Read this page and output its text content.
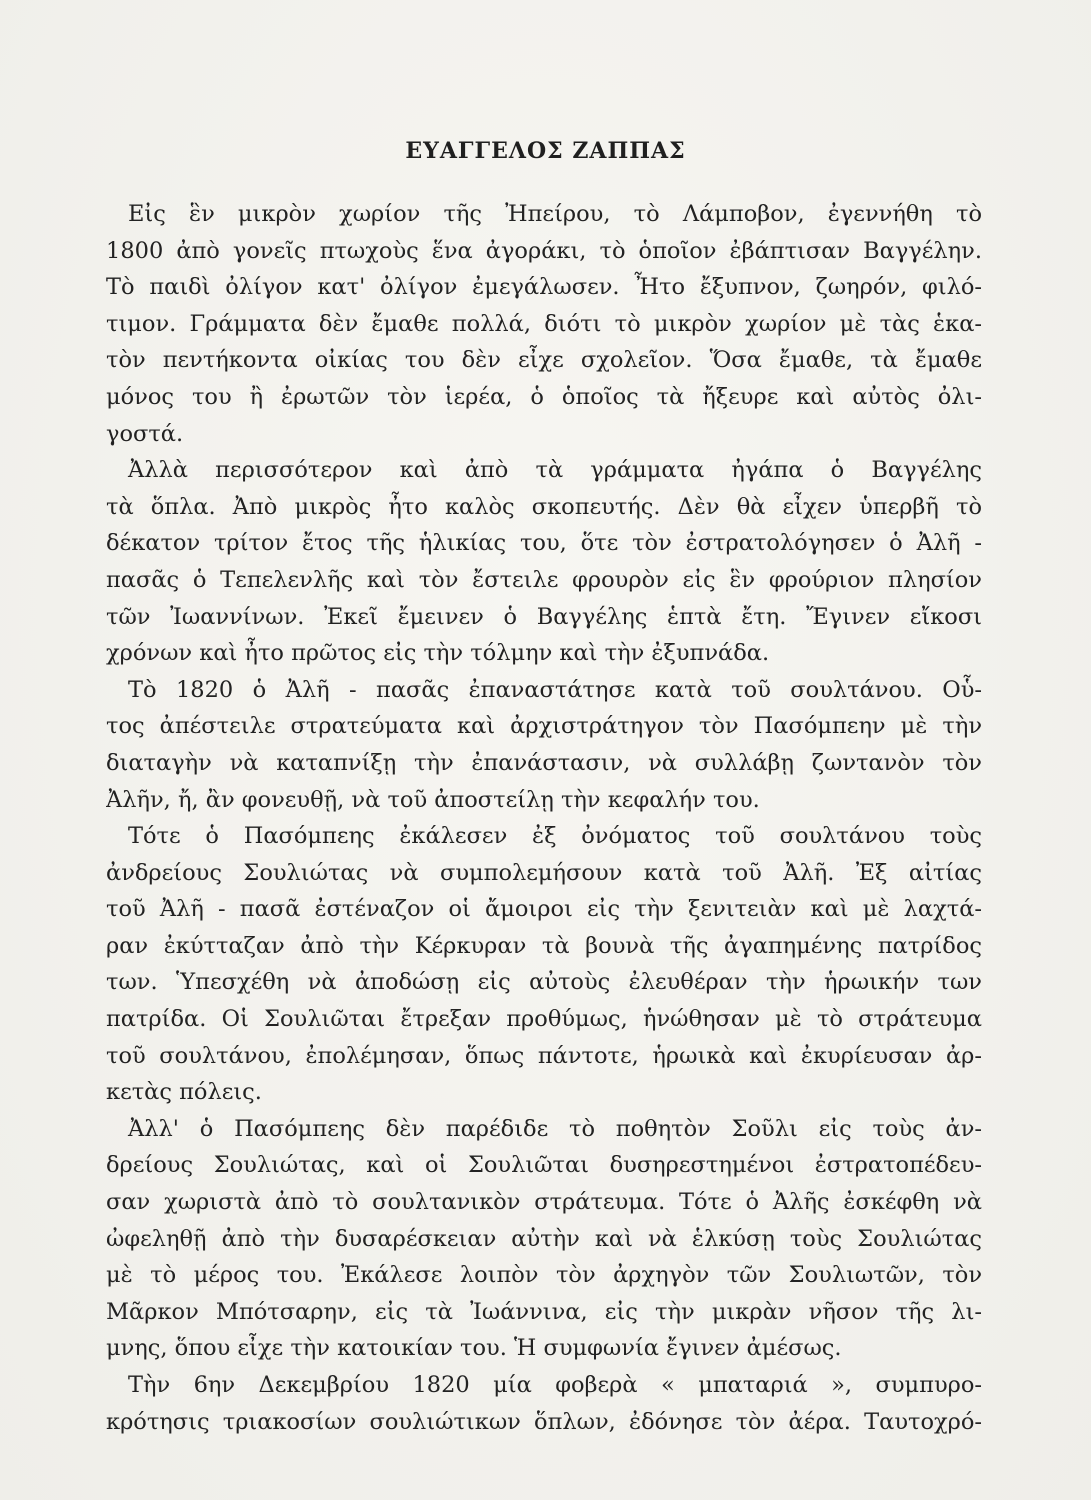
ΕΥΑΓΓΕΛΟΣ ΖΑΠΠΑΣ
Εἰς ἓν μικρὸν χωρίον τῆς Ἠπείρου, τὸ Λάμποβον, ἐγεννήθη τὸ
1800 ἀπὸ γονεῖς πτωχοὺς ἕνα ἀγοράκι, τὸ ὁποῖον ἐβάπτισαν Βαγγέλην.
Τὸ παιδὶ ὀλίγον κατ' ὀλίγον ἐμεγάλωσεν. Ἦτο ἔξυπνον, ζωηρόν, φιλό-
τιμον. Γράμματα δὲν ἔμαθε πολλά, διότι τὸ μικρὸν χωρίον μὲ τὰς ἑκα-
τὸν πεντήκοντα οἰκίας του δὲν εἶχε σχολεῖον. Ὅσα ἔμαθε, τὰ ἔμαθε
μόνος του ἢ ἐρωτῶν τὸν ἱερέα, ὁ ὁποῖος τὰ ἤξευρε καὶ αὐτὸς ὀλι-
γοστά.
Ἀλλὰ περισσότερον καὶ ἀπὸ τὰ γράμματα ἠγάπα ὁ Βαγγέλης
τὰ ὅπλα. Ἀπὸ μικρὸς ἦτο καλὸς σκοπευτής. Δὲν θὰ εἶχεν ὑπερβῆ τὸ
δέκατον τρίτον ἔτος τῆς ἡλικίας του, ὅτε τὸν ἐστρατολόγησεν ὁ Ἀλῆ -
πασᾶς ὁ Τεπελενλῆς καὶ τὸν ἔστειλε φρουρὸν εἰς ἓν φρούριον πλησίον
τῶν Ἰωαννίνων. Ἐκεῖ ἔμεινεν ὁ Βαγγέλης ἑπτὰ ἔτη. Ἔγινεν εἴκοσι
χρόνων καὶ ἦτο πρῶτος εἰς τὴν τόλμην καὶ τὴν ἐξυπνάδα.
Τὸ 1820 ὁ Ἀλῆ - πασᾶς ἐπαναστάτησε κατὰ τοῦ σουλτάνου. Οὗ-
τος ἀπέστειλε στρατεύματα καὶ ἀρχιστράτηγον τὸν Πασόμπεην μὲ τὴν
διαταγὴν νὰ καταπνίξῃ τὴν ἐπανάστασιν, νὰ συλλάβῃ ζωντανὸν τὸν
Ἀλῆν, ἤ, ἂν φονευθῇ, νὰ τοῦ ἀποστείλῃ τὴν κεφαλήν του.
Τότε ὁ Πασόμπεης ἐκάλεσεν ἐξ ὀνόματος τοῦ σουλτάνου τοὺς
ἀνδρείους Σουλιώτας νὰ συμπολεμήσουν κατὰ τοῦ Ἀλῆ. Ἐξ αἰτίας
τοῦ Ἀλῆ - πασᾶ ἐστέναζον οἱ ἄμοιροι εἰς τὴν ξενιτειὰν καὶ μὲ λαχτά-
ραν ἐκύτταζαν ἀπὸ τὴν Κέρκυραν τὰ βουνὰ τῆς ἀγαπημένης πατρίδος
των. Ὑπεσχέθη νὰ ἀποδώσῃ εἰς αὐτοὺς ἐλευθέραν τὴν ἡρωικήν των
πατρίδα. Οἱ Σουλιῶται ἔτρεξαν προθύμως, ἡνώθησαν μὲ τὸ στράτευμα
τοῦ σουλτάνου, ἐπολέμησαν, ὅπως πάντοτε, ἡρωικὰ καὶ ἐκυρίευσαν ἀρ-
κετὰς πόλεις.
Ἀλλ' ὁ Πασόμπεης δὲν παρέδιδε τὸ ποθητὸν Σοῦλι εἰς τοὺς ἀν-
δρείους Σουλιώτας, καὶ οἱ Σουλιῶται δυσηρεστημένοι ἐστρατοπέδευ-
σαν χωριστὰ ἀπὸ τὸ σουλτανικὸν στράτευμα. Τότε ὁ Ἀλῆς ἐσκέφθη νὰ
ὠφεληθῇ ἀπὸ τὴν δυσαρέσκειαν αὐτὴν καὶ νὰ ἑλκύσῃ τοὺς Σουλιώτας
μὲ τὸ μέρος του. Ἐκάλεσε λοιπὸν τὸν ἀρχηγὸν τῶν Σουλιωτῶν, τὸν
Μᾶρκον Μπότσαρην, εἰς τὰ Ἰωάννινα, εἰς τὴν μικρὰν νῆσον τῆς λι-
μνης, ὅπου εἶχε τὴν κατοικίαν του. Ἡ συμφωνία ἔγινεν ἀμέσως.
Τὴν 6ην Δεκεμβρίου 1820 μία φοβερὰ « μπαταριά », συμπυρο-
κρότησις τριακοσίων σουλιώτικων ὅπλων, ἐδόνησε τὸν ἀέρα. Ταυτοχρό-
